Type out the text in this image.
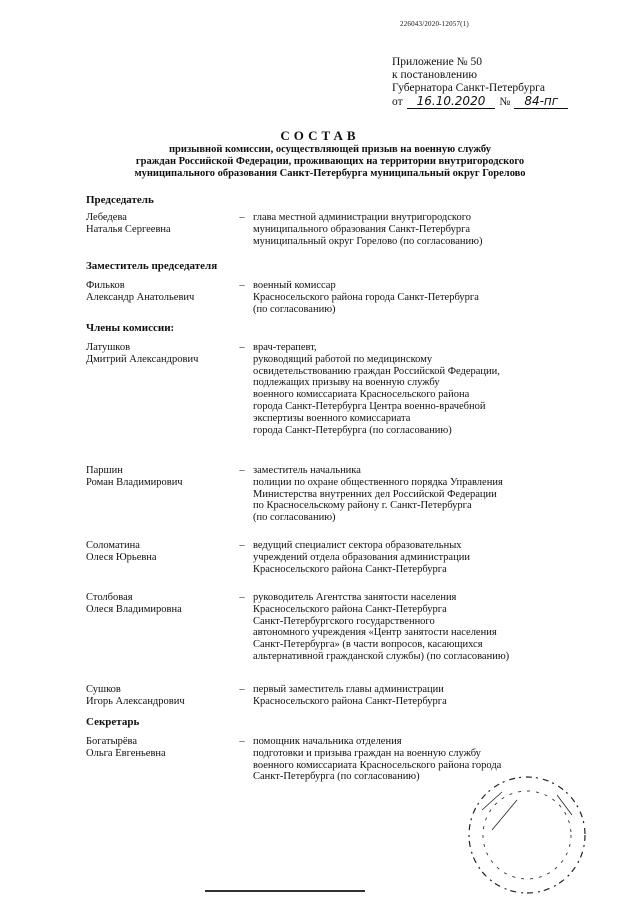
226043/2020-12057(1)
Приложение № 50
к постановлению
Губернатора Санкт-Петербурга
от	16.10.2020	№	84-пг
СОСТАВ
призывной комиссии, осуществляющей призыв на военную службу
граждан Российской Федерации, проживающих на территории внутригородского
муниципального образования Санкт-Петербурга муниципальный округ Горелово
Председатель
Лебедева
Наталья Сергеевна
– глава местной администрации внутригородского
муниципального образования Санкт-Петербурга
муниципальный округ Горелово (по согласованию)
Заместитель председателя
Фильков
Александр Анатольевич
– военный комиссар
Красносельского района города Санкт-Петербурга
(по согласованию)
Члены комиссии:
Латушков
Дмитрий Александрович
– врач-терапевт,
руководящий работой по медицинскому
освидетельствованию граждан Российской Федерации,
подлежащих призыву на военную службу
военного комиссариата Красносельского района
города Санкт-Петербурга Центра военно-врачебной
экспертизы военного комиссариата
города Санкт-Петербурга (по согласованию)
Паршин
Роман Владимирович
– заместитель начальника
полиции по охране общественного порядка Управления
Министерства внутренних дел Российской Федерации
по Красносельскому району г. Санкт-Петербурга
(по согласованию)
Соломатина
Олеся Юрьевна
– ведущий специалист сектора образовательных
учреждений отдела образования администрации
Красносельского района Санкт-Петербурга
Столбовая
Олеся Владимировна
– руководитель Агентства занятости населения
Красносельского района Санкт-Петербурга
Санкт-Петербургского государственного
автономного учреждения «Центр занятости населения
Санкт-Петербурга» (в части вопросов, касающихся
альтернативной гражданской службы) (по согласованию)
Сушков
Игорь Александрович
– первый заместитель главы администрации
Красносельского района Санкт-Петербурга
Секретарь
Богатырёва
Ольга Евгеньевна
– помощник начальника отделения
подготовки и призыва граждан на военную службу
военного комиссариата Красносельского района города
Санкт-Петербурга (по согласованию)
